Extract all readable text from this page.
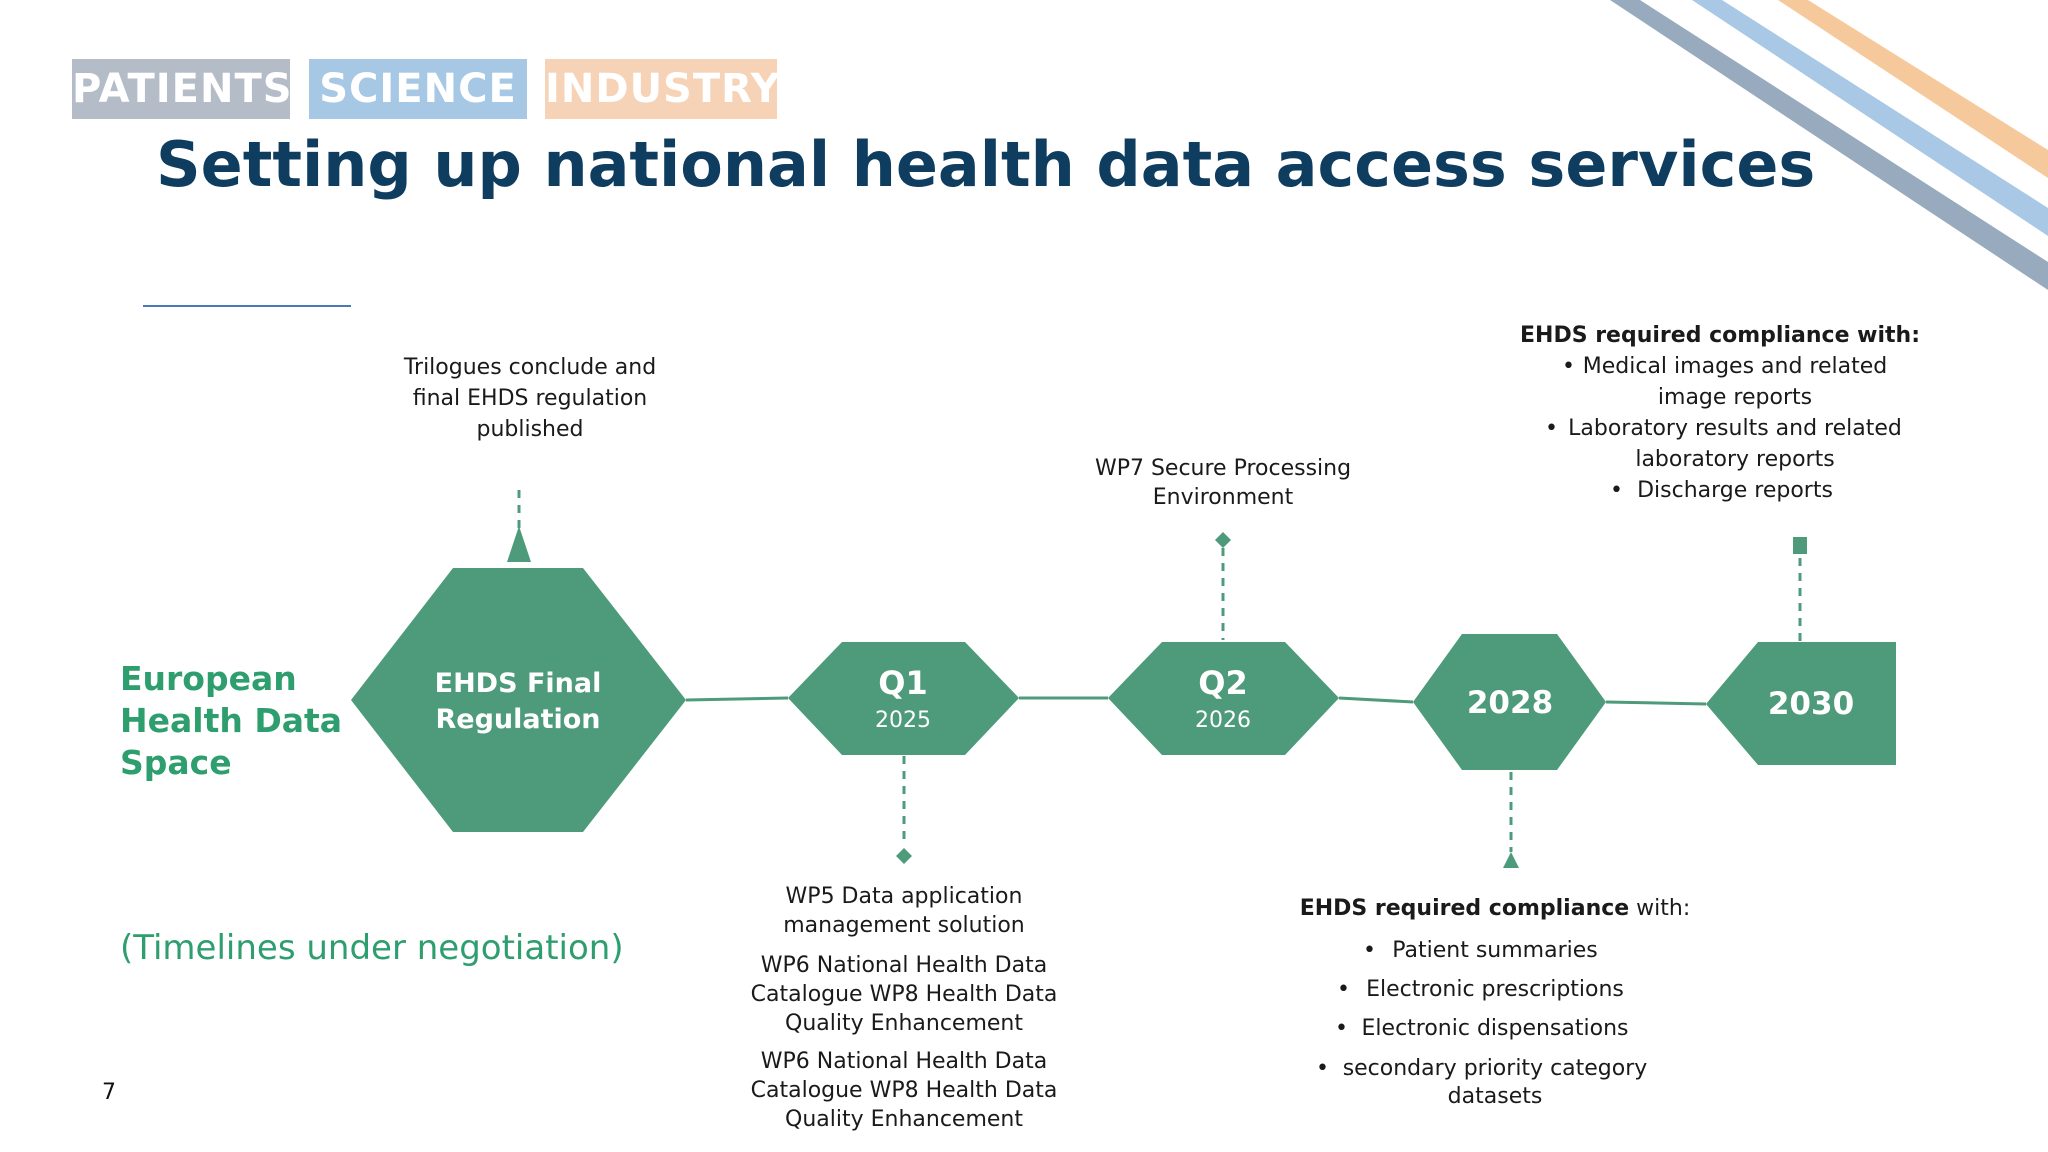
PATIENTS SCIENCE INDUSTRY
Setting up national health data access services
European
Health Data
Space
(Timelines under negotiation)
7
EHDS Final
Regulation
Q1
2025
Q2
2026	2028	2030
Trilogues conclude and
final EHDS regulation
published
WP7 Secure Processing
Environment
WP5 Data application
management solution
WP6 National Health Data
Catalogue WP8 Health Data
Quality Enhancement
WP6 National Health Data
Catalogue WP8 Health Data
Quality Enhancement
EHDS required compliance with:
• Medical images and related
image reports
• Laboratory results and related
laboratory reports
• Discharge reports
EHDS required compliance with:
• Patient summaries
• Electronic prescriptions
• Electronic dispensations
• secondary priority category
datasets
